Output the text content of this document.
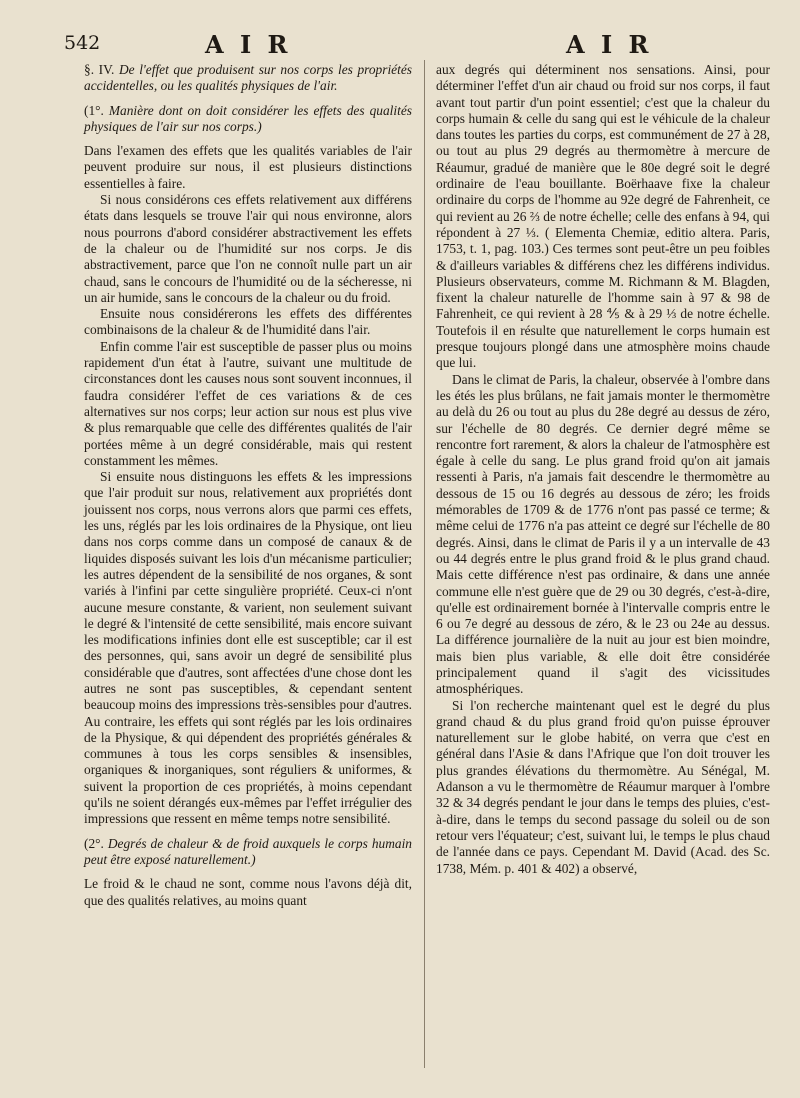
542	A I R	A I R

§. IV. De l'effet que produisent sur nos corps les propriétés accidentelles, ou les qualités physiques de l'air.

(1°. Manière dont on doit considérer les effets des qualités physiques de l'air sur nos corps.)

Dans l'examen des effets que les qualités variables de l'air peuvent produire sur nous, il est plusieurs distinctions essentielles à faire.

Si nous considérons ces effets relativement aux différens états dans lesquels se trouve l'air qui nous environne, alors nous pourrons d'abord considérer abstractivement les effets de la chaleur ou de l'humidité sur nos corps. Je dis abstractivement, parce que l'on ne connoît nulle part un air chaud, sans le concours de l'humidité ou de la sécheresse, ni un air humide, sans le concours de la chaleur ou du froid.

Ensuite nous considérerons les effets des différentes combinaisons de la chaleur & de l'humidité dans l'air.

Enfin comme l'air est susceptible de passer plus ou moins rapidement d'un état à l'autre, suivant une multitude de circonstances dont les causes nous sont souvent inconnues, il faudra considérer l'effet de ces variations & de ces alternatives sur nos corps; leur action sur nous est plus vive & plus remarquable que celle des différentes qualités de l'air portées même à un degré considérable, mais qui restent constamment les mêmes.

Si ensuite nous distinguons les effets & les impressions que l'air produit sur nous, relativement aux propriétés dont jouissent nos corps, nous verrons alors que parmi ces effets, les uns, réglés par les lois ordinaires de la Physique, ont lieu dans nos corps comme dans un composé de canaux & de liquides disposés suivant les lois d'un mécanisme particulier; les autres dépendent de la sensibilité de nos organes, & sont variés à l'infini par cette singulière propriété. Ceux-ci n'ont aucune mesure constante, & varient, non seulement suivant le degré & l'intensité de cette sensibilité, mais encore suivant les modifications infinies dont elle est susceptible; car il est des personnes, qui, sans avoir un degré de sensibilité plus considérable que d'autres, sont affectées d'une chose dont les autres ne sont pas susceptibles, & cependant sentent beaucoup moins des impressions très-sensibles pour d'autres. Au contraire, les effets qui sont réglés par les lois ordinaires de la Physique, & qui dépendent des propriétés générales & communes à tous les corps sensibles & insensibles, organiques & inorganiques, sont réguliers & uniformes, & suivent la proportion de ces propriétés, à moins cependant qu'ils ne soient dérangés eux-mêmes par l'effet irrégulier des impressions que ressent en même temps notre sensibilité.

(2°. Degrés de chaleur & de froid auxquels le corps humain peut être exposé naturellement.)

Le froid & le chaud ne sont, comme nous l'avons déjà dit, que des qualités relatives, au moins quant

aux degrés qui déterminent nos sensations. Ainsi, pour déterminer l'effet d'un air chaud ou froid sur nos corps, il faut avant tout partir d'un point essentiel; c'est que la chaleur du corps humain & celle du sang qui est le véhicule de la chaleur dans toutes les parties du corps, est communément de 27 à 28, ou tout au plus 29 degrés au thermomètre à mercure de Réaumur, gradué de manière que le 80e degré soit le degré ordinaire de l'eau bouillante. Boërhaave fixe la chaleur ordinaire du corps de l'homme au 92e degré de Fahrenheit, ce qui revient au 26 ⅔ de notre échelle; celle des enfans à 94, qui répondent à 27 ⅓. ( Elementa Chemiæ, editio altera. Paris, 1753, t. 1, pag. 103.) Ces termes sont peut-être un peu foibles & d'ailleurs variables & différens chez les différens individus. Plusieurs observateurs, comme M. Richmann & M. Blagden, fixent la chaleur naturelle de l'homme sain à 97 & 98 de Fahrenheit, ce qui revient à 28 ⅘ & à 29 ⅓ de notre échelle. Toutefois il en résulte que naturellement le corps humain est presque toujours plongé dans une atmosphère moins chaude que lui.

Dans le climat de Paris, la chaleur, observée à l'ombre dans les étés les plus brûlans, ne fait jamais monter le thermomètre au delà du 26 ou tout au plus du 28e degré au dessus de zéro, sur l'échelle de 80 degrés. Ce dernier degré même se rencontre fort rarement, & alors la chaleur de l'atmosphère est égale à celle du sang. Le plus grand froid qu'on ait jamais ressenti à Paris, n'a jamais fait descendre le thermomètre au dessous de 15 ou 16 degrés au dessous de zéro; les froids mémorables de 1709 & de 1776 n'ont pas passé ce terme; & même celui de 1776 n'a pas atteint ce degré sur l'échelle de 80 degrés. Ainsi, dans le climat de Paris il y a un intervalle de 43 ou 44 degrés entre le plus grand froid & le plus grand chaud. Mais cette différence n'est pas ordinaire, & dans une année commune elle n'est guère que de 29 ou 30 degrés, c'est-à-dire, qu'elle est ordinairement bornée à l'intervalle compris entre le 6 ou 7e degré au dessous de zéro, & le 23 ou 24e au dessus. La différence journalière de la nuit au jour est bien moindre, mais bien plus variable, & elle doit être considérée principalement quand il s'agit des vicissitudes atmosphériques.

Si l'on recherche maintenant quel est le degré du plus grand chaud & du plus grand froid qu'on puisse éprouver naturellement sur le globe habité, on verra que c'est en général dans l'Asie & dans l'Afrique que l'on doit trouver les plus grandes élévations du thermomètre. Au Sénégal, M. Adanson a vu le thermomètre de Réaumur marquer à l'ombre 32 & 34 degrés pendant le jour dans le temps des pluies, c'est-à-dire, dans le temps du second passage du soleil ou de son retour vers l'équateur; c'est, suivant lui, le temps le plus chaud de l'année dans ce pays. Cependant M. David (Acad. des Sc. 1738, Mém. p. 401 & 402) a observé,
